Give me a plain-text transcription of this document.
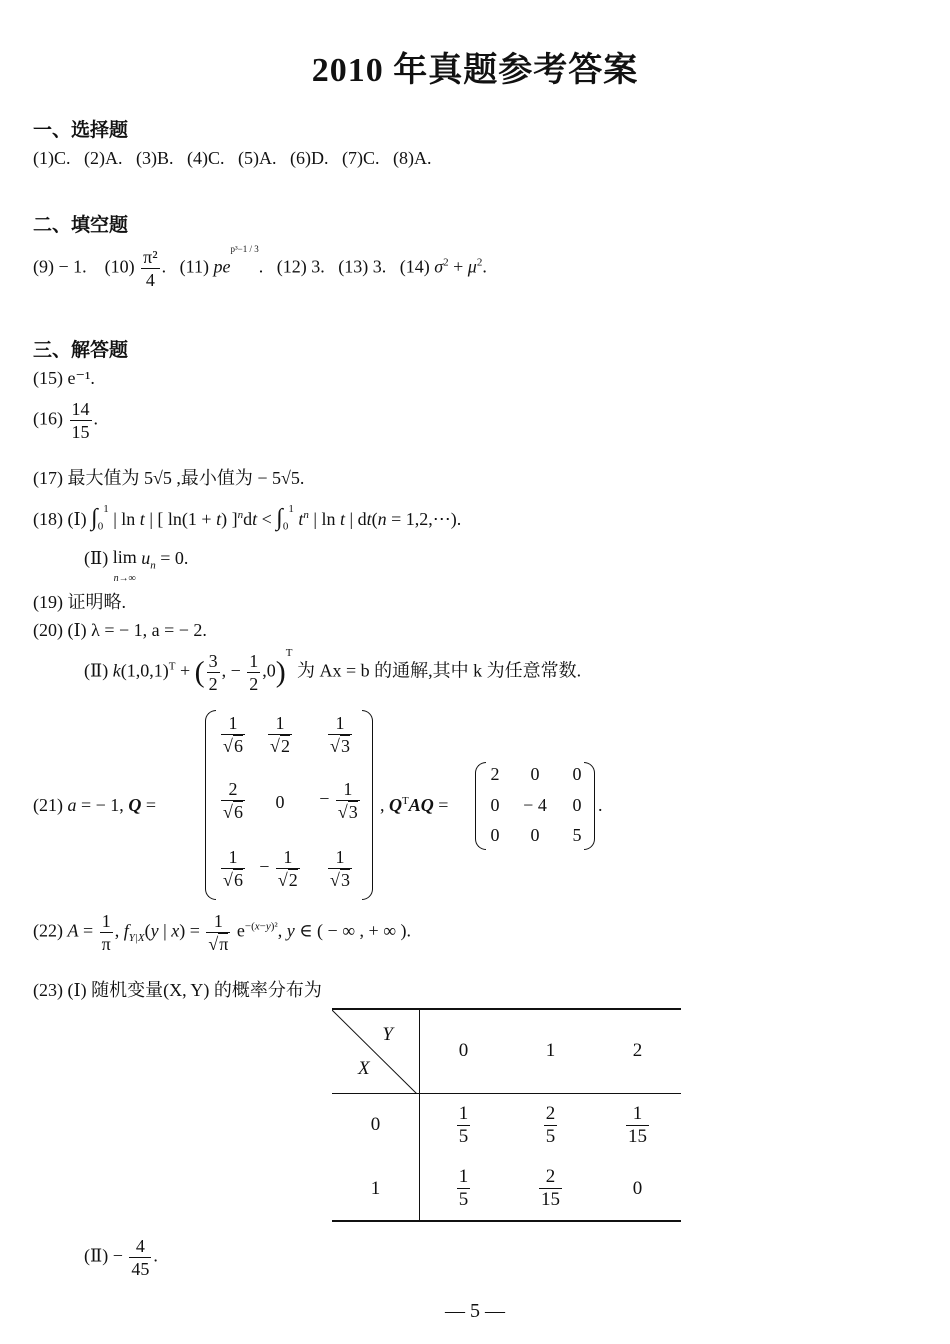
2010 年真题参考答案
一、选择题
(1)C. (2)A. (3)B. (4)C. (5)A. (6)D. (7)C. (8)A.
二、填空题
(9) − 1. $(10) \frac{\text{π²}}{4}$ .   (11) $pe^{p^3-1 / 3}$.   (12) 3. (13) 3. (14) $\sigma^2 + \mu^2$.
三、解答题
(15) e⁻¹.
$(16) \frac{14}{15}$ .
(17) 最大值为 5√5 ,最小值为 − 5√5.
(18) (Ⅰ) $\int_0^1$ | ln t | [ ln(1 + t) ]$^ndt < \int_0^1$ $t^n$ | ln t | dt(n = 1,2,⋯).
(Ⅱ) lim
n→∞ $u_n = 0$.
(19) 证明略.
(20) (Ⅰ) λ = − 1, a = − 2.
(Ⅱ) $k(1,0,1)^T$ + ( $\frac{3}{2}$ , − $\frac{1}{2} ,0)^T$ 为 Ax = b 的通解,其中 k 为任意常数.
(21) a = − 1, Q =
$\frac{1}{√6} \frac{1}{√2} \frac{1}{√3}$
$\frac{2}{√6}$	0	− $\frac{1}{√3}$
$\frac{1}{√6} - \frac{1}{√2} \frac{1}{√3}$
, $Q^TAQ$ =
2	0	0
0	− 4	0
0	0	5
.
(22) $A = \frac{1}{\pi}$ , $f_{Y|X}(y$ | $x) = \frac{1}{√\pi} e^{-(x-y)^2}$, y ∈ ( − ∞ , + ∞ ).
(23) (Ⅰ) 随机变量(X, Y) 的概率分布为
Y
X	0	1	2
0	$\frac{1}{5}$	$\frac{2}{5}$	$\frac{1}{15}$

1	$\frac{1}{5}$	$\frac{2}{15}$	0
(Ⅱ) − $\frac{4}{45}$ .
— 5 —
